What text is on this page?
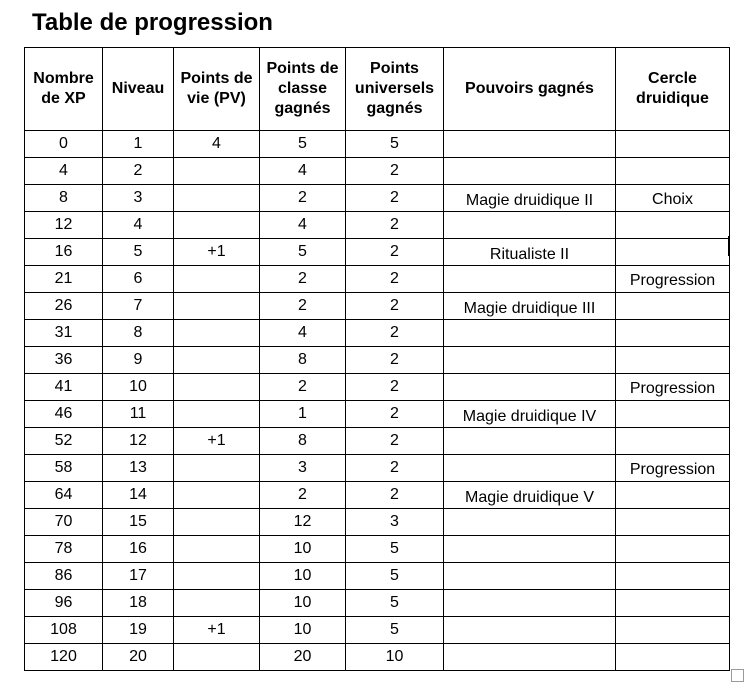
Table de progression
Nombre de XP	Niveau	Points de vie (PV)	Points de classe gagnés	Points universels gagnés	Pouvoirs gagnés	Cercle druidique
0	1	4	5	5		
4	2		4	2		
8	3		2	2	Magie druidique II	Choix
12	4		4	2		
16	5	+1	5	2	Ritualiste II	
21	6		2	2		Progression
26	7		2	2	Magie druidique III	
31	8		4	2		
36	9		8	2		
41	10		2	2		Progression
46	11		1	2	Magie druidique IV	
52	12	+1	8	2		
58	13		3	2		Progression
64	14		2	2	Magie druidique V	
70	15		12	3		
78	16		10	5		
86	17		10	5		
96	18		10	5		
108	19	+1	10	5		
120	20		20	10		
